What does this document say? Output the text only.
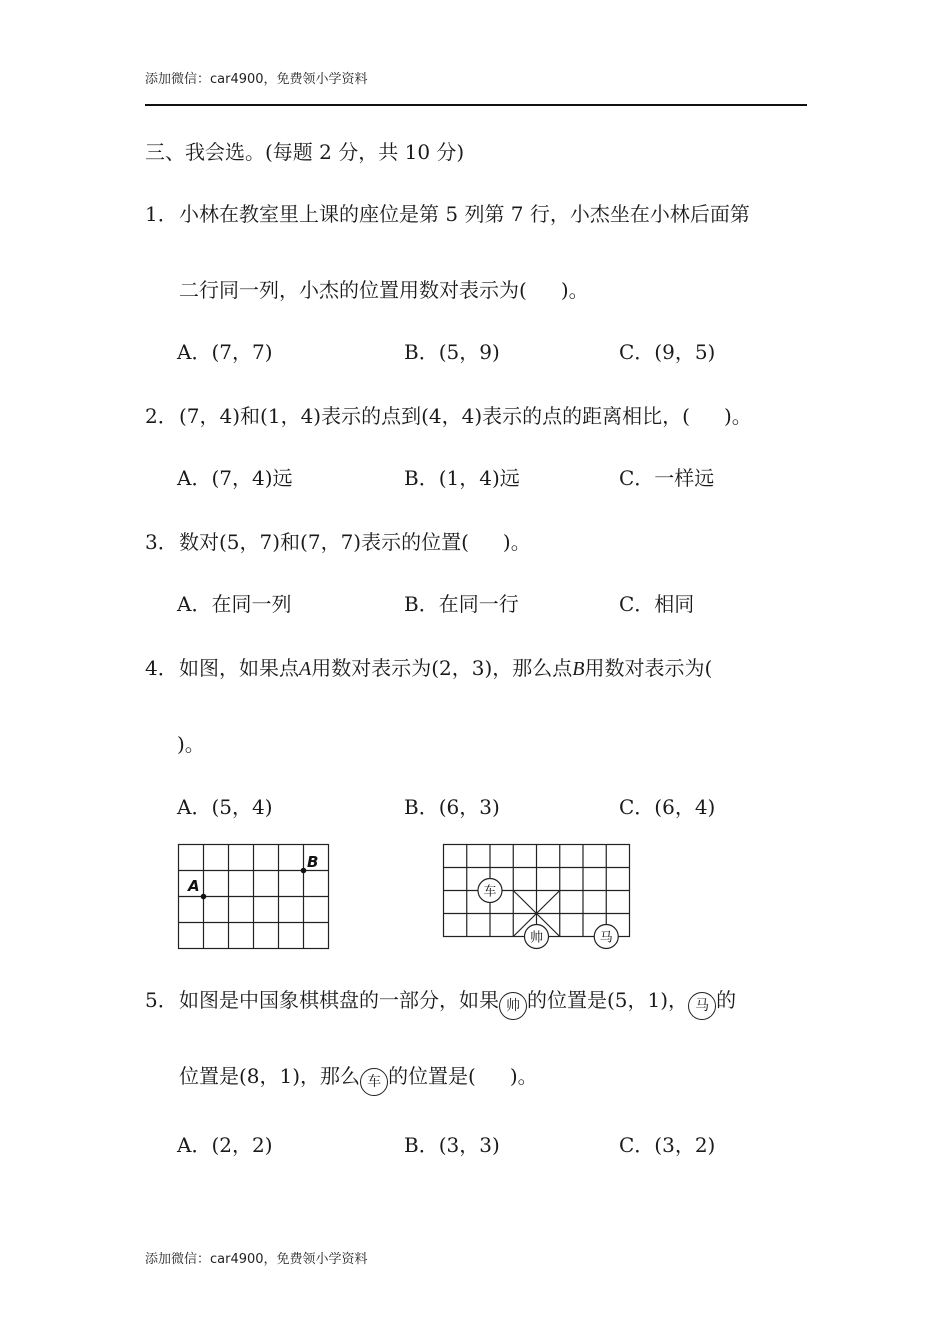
添加微信：car4900，免费领小学资料
三、我会选。(每题 2 分，共 10 分)
1． 小林在教室里上课的座位是第 5 列第 7 行，小杰坐在小林后面第
二行同一列，小杰的位置用数对表示为( )。
A．(7，7)	B．(5，9)	C．(9，5)
2． (7，4)和(1，4)表示的点到(4，4)表示的点的距离相比，( )。
A．(7，4)远	B．(1，4)远	C．一样远
3． 数对(5，7)和(7，7)表示的位置( )。
A．在同一列	B．在同一行	C．相同
4． 如图，如果点A用数对表示为(2，3)，那么点B用数对表示为(
)。
A．(5，4)	B．(6，3)	C．(6，4)
A
B
车
帅	马
5． 如图是中国象棋棋盘的一部分，如果 帅 的位置是(5，1)， 马 的
位置是(8，1)，那么 车 的位置是( )。
A．(2，2)	B．(3，3)	C．(3，2)
添加微信：car4900，免费领小学资料
